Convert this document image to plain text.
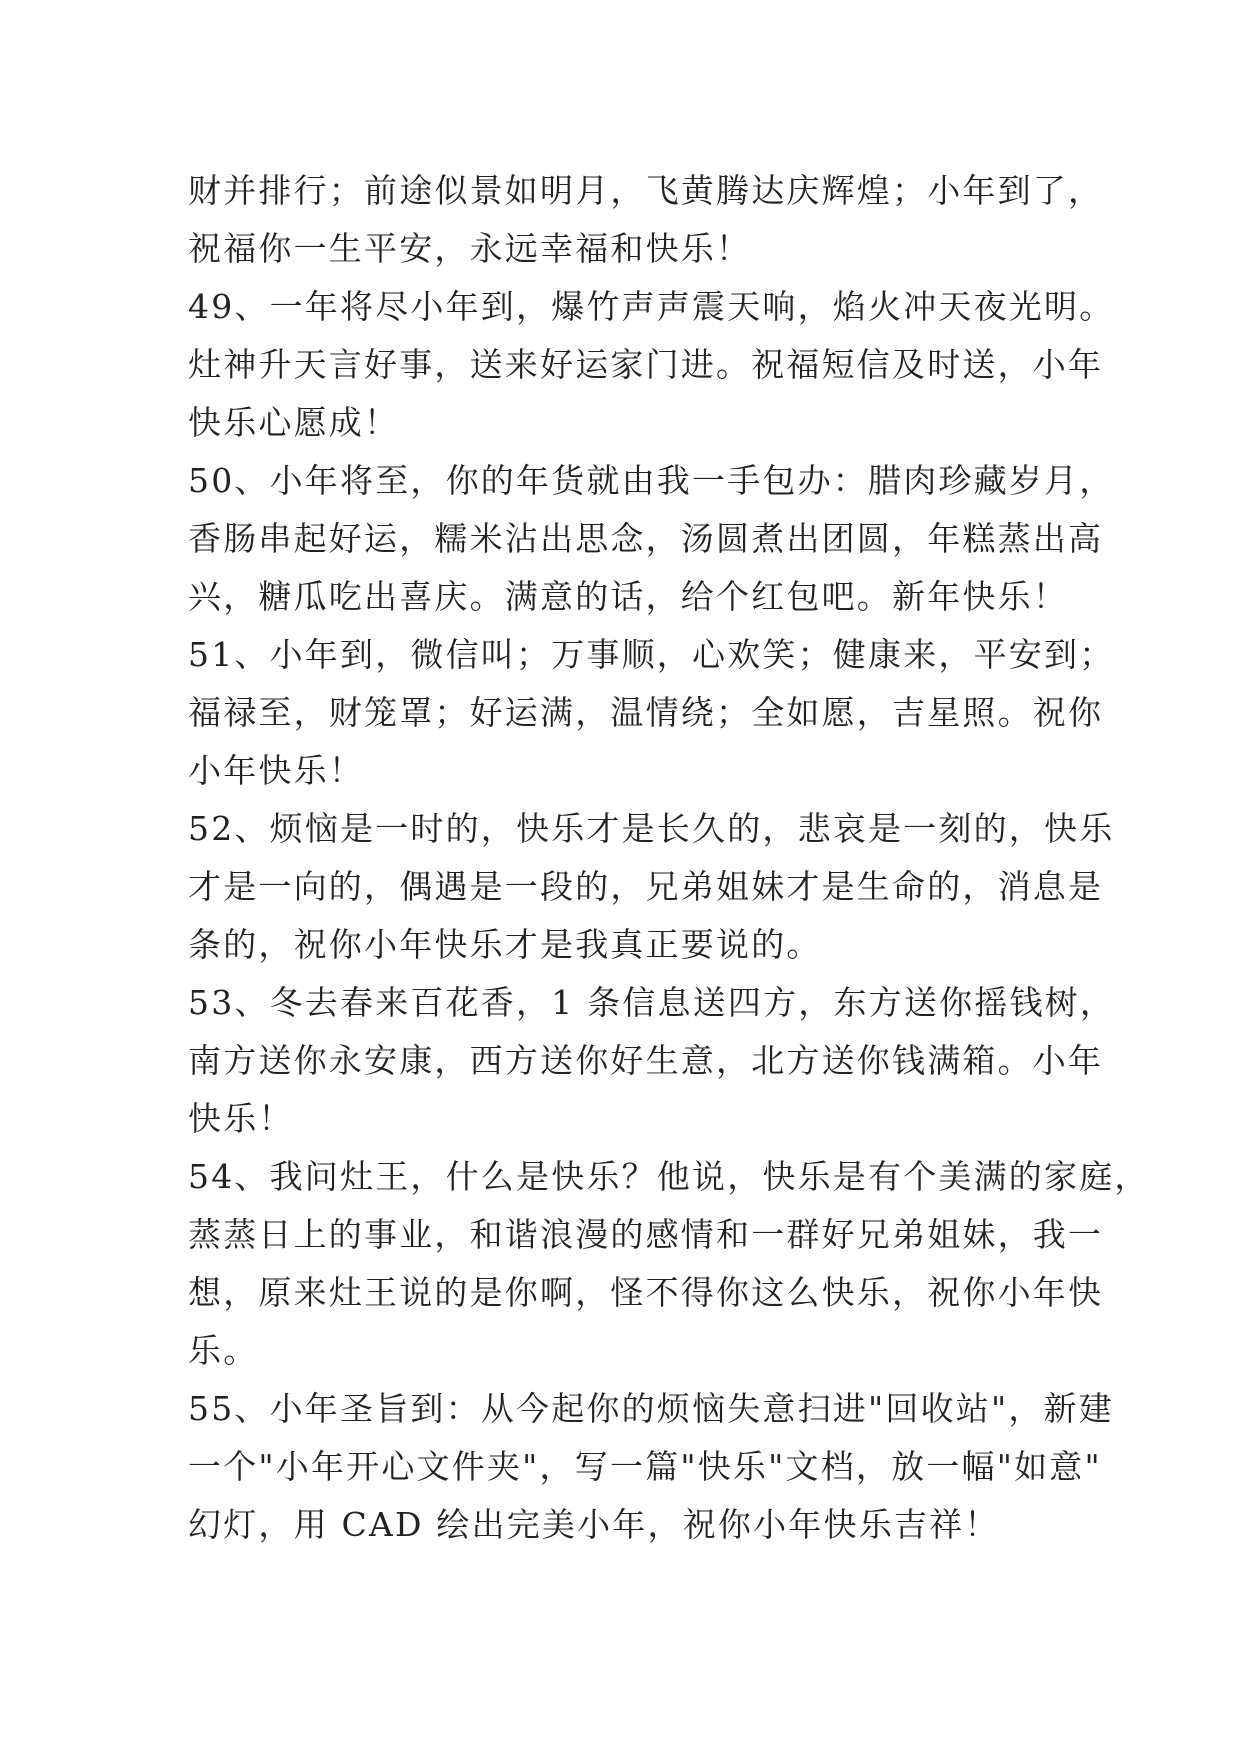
财并排行；前途似景如明月，飞黄腾达庆辉煌；小年到了，
祝福你一生平安，永远幸福和快乐！
49、一年将尽小年到，爆竹声声震天响，焰火冲天夜光明。
灶神升天言好事，送来好运家门进。祝福短信及时送，小年
快乐心愿成！
50、小年将至，你的年货就由我一手包办：腊肉珍藏岁月，
香肠串起好运，糯米沾出思念，汤圆煮出团圆，年糕蒸出高
兴，糖瓜吃出喜庆。满意的话，给个红包吧。新年快乐！
51、小年到，微信叫；万事顺，心欢笑；健康来，平安到；
福禄至，财笼罩；好运满，温情绕；全如愿，吉星照。祝你
小年快乐！
52、烦恼是一时的，快乐才是长久的，悲哀是一刻的，快乐
才是一向的，偶遇是一段的，兄弟姐妹才是生命的，消息是
条的，祝你小年快乐才是我真正要说的。
53、冬去春来百花香，1 条信息送四方，东方送你摇钱树，
南方送你永安康，西方送你好生意，北方送你钱满箱。小年
快乐！
54、我问灶王，什么是快乐？他说，快乐是有个美满的家庭，
蒸蒸日上的事业，和谐浪漫的感情和一群好兄弟姐妹，我一
想，原来灶王说的是你啊，怪不得你这么快乐，祝你小年快
乐。
55、小年圣旨到：从今起你的烦恼失意扫进"回收站"，新建
一个"小年开心文件夹"，写一篇"快乐"文档，放一幅"如意"
幻灯，用 CAD 绘出完美小年，祝你小年快乐吉祥！
